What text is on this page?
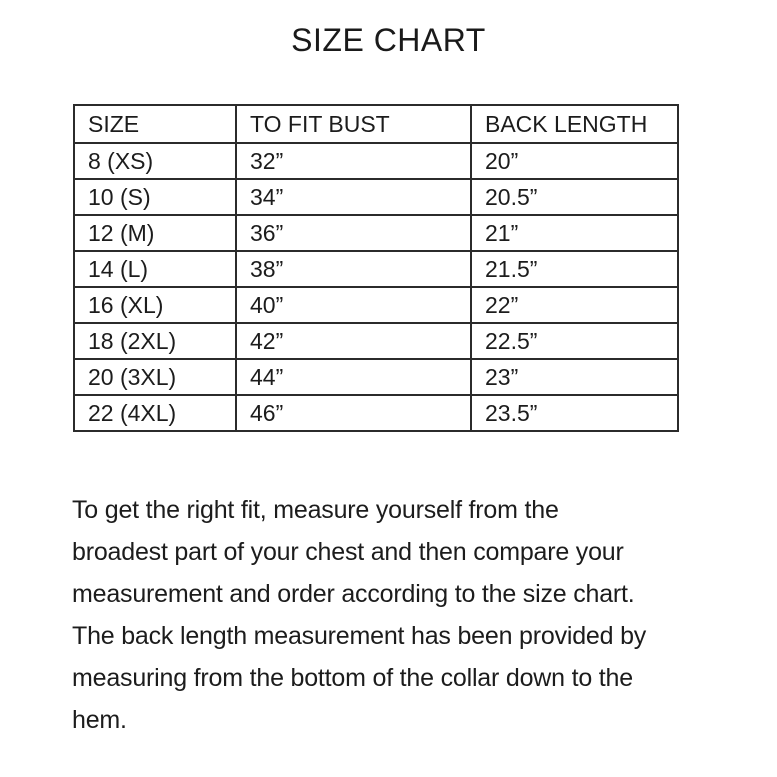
SIZE CHART
SIZE	TO FIT BUST	BACK LENGTH
8 (XS)	32”	20”
10 (S)	34”	20.5”
12 (M)	36”	21”
14 (L)	38”	21.5”
16 (XL)	40”	22”
18 (2XL)	42”	22.5”
20 (3XL)	44”	23”
22 (4XL)	46”	23.5”
To get the right fit, measure yourself from the
broadest part of your chest and then compare your
measurement and order according to the size chart.
The back length measurement has been provided by
measuring from the bottom of the collar down to the
hem.
